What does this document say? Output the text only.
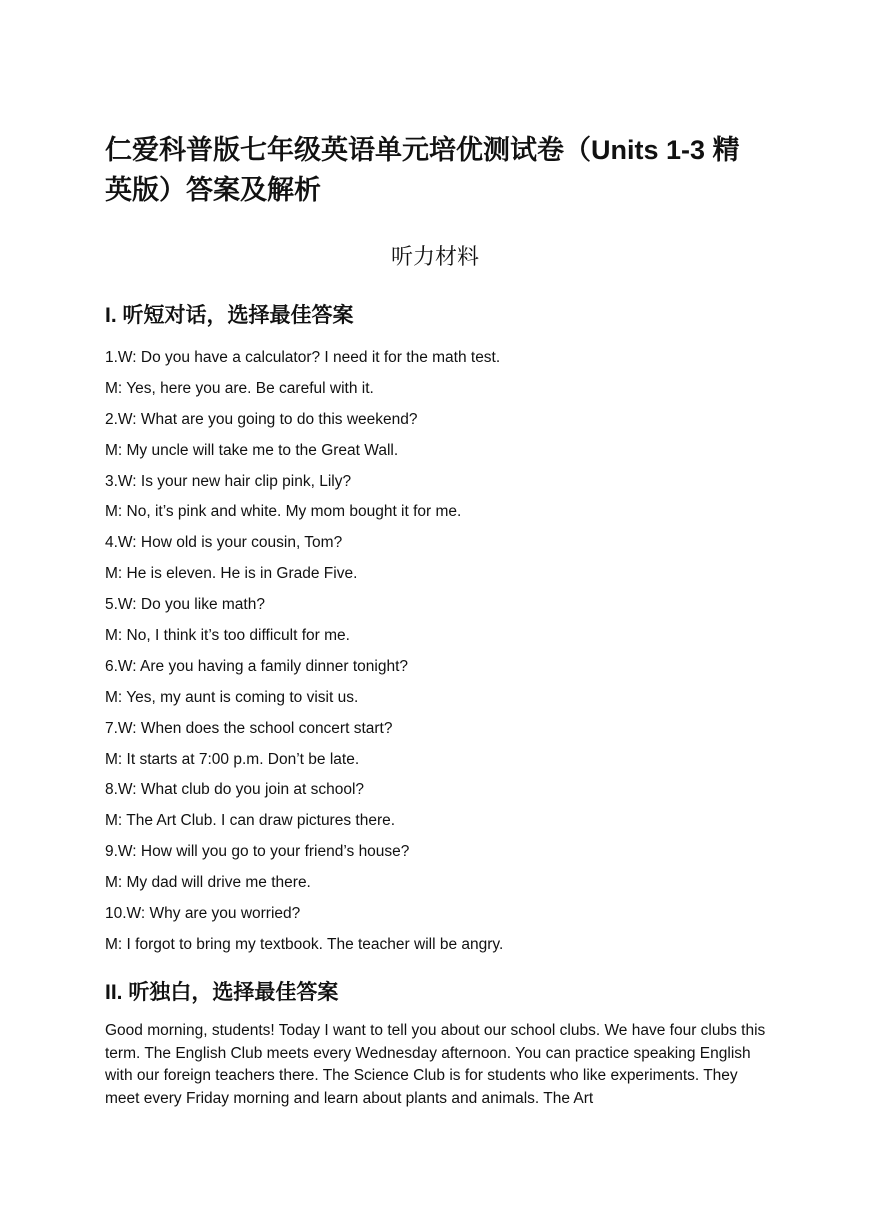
仁爱科普版七年级英语单元培优测试卷（Units 1-3 精英版）答案及解析
听力材料
I. 听短对话，选择最佳答案
1.W: Do you have a calculator? I need it for the math test.
M: Yes, here you are. Be careful with it.
2.W: What are you going to do this weekend?
M: My uncle will take me to the Great Wall.
3.W: Is your new hair clip pink, Lily?
M: No, it’s pink and white. My mom bought it for me.
4.W: How old is your cousin, Tom?
M: He is eleven. He is in Grade Five.
5.W: Do you like math?
M: No, I think it’s too difficult for me.
6.W: Are you having a family dinner tonight?
M: Yes, my aunt is coming to visit us.
7.W: When does the school concert start?
M: It starts at 7:00 p.m. Don’t be late.
8.W: What club do you join at school?
M: The Art Club. I can draw pictures there.
9.W: How will you go to your friend’s house?
M: My dad will drive me there.
10.W: Why are you worried?
M: I forgot to bring my textbook. The teacher will be angry.
II. 听独白，选择最佳答案

Good morning, students! Today I want to tell you about our school clubs. We have four clubs this term. The English Club meets every Wednesday afternoon. You can practice speaking English with our foreign teachers there. The Science Club is for students who like experiments. They meet every Friday morning and learn about plants and animals. The Art
